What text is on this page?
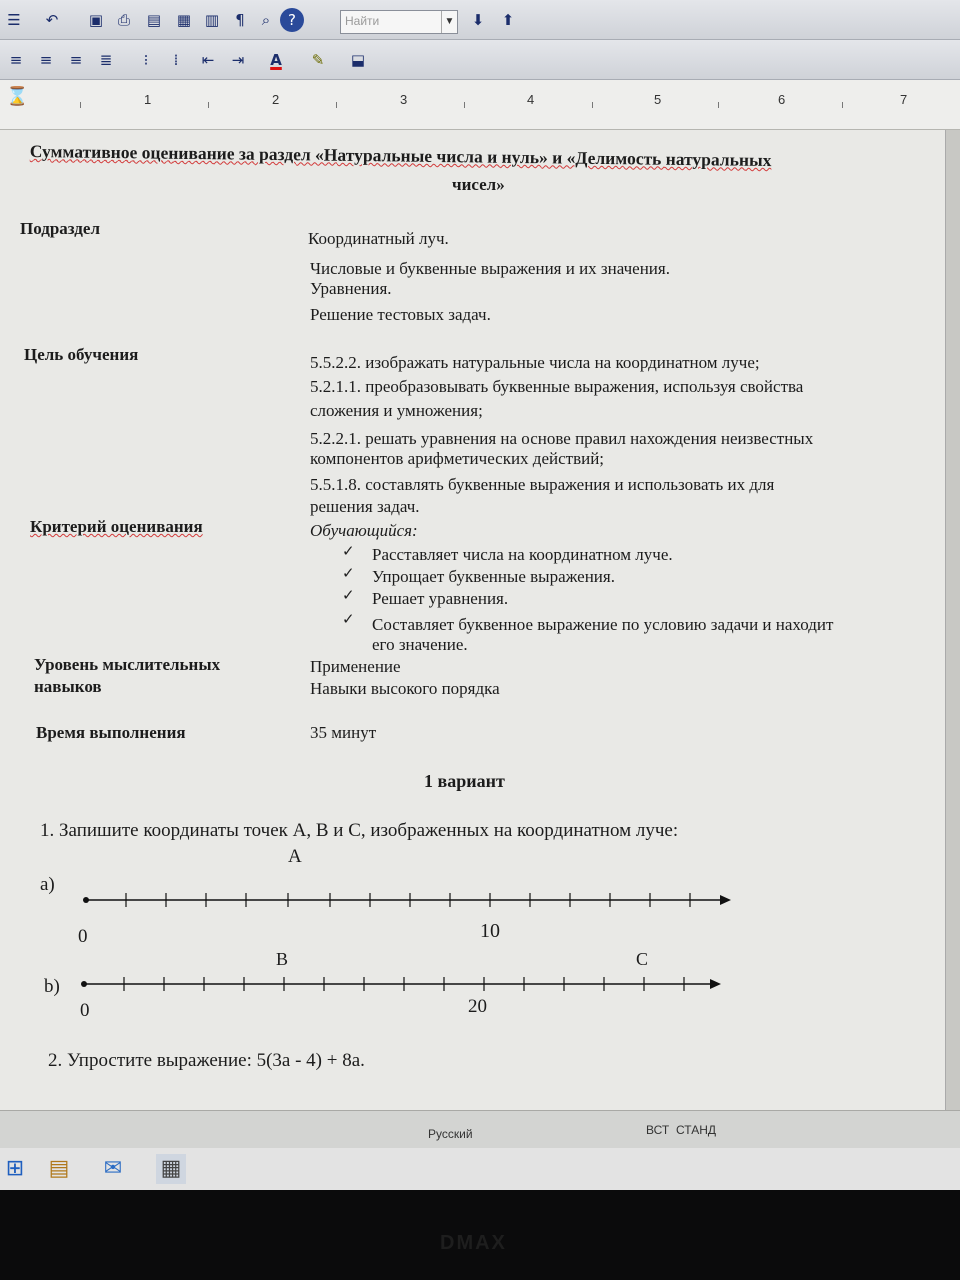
☰	↶	▣ ⎙	▤	▦ ▥	¶	⌕	?	Найти	▼	⬇	⬆
≡	≡	≡	≣	⁝	⁞	⇤	⇥	A	✎	⬓
⌛	1	2	3	4	5	6	7
Суммативное оценивание за раздел «Натуральные числа и нуль» и «Делимость натуральных
чисел»
Подраздел
Координатный луч.
Числовые и буквенные выражения и их значения.
Уравнения.
Решение тестовых задач.
Цель обучения	5.5.2.2. изображать натуральные числа на координатном луче;
5.2.1.1. преобразовывать буквенные выражения, используя свойства
сложения и умножения;
5.2.2.1. решать уравнения на основе правил нахождения неизвестных
компонентов арифметических действий;
5.5.1.8. составлять буквенные выражения и использовать их для
решения задач.
Критерий оценивания	Обучающийся:
✓ Расставляет числа на координатном луче.
✓ Упрощает буквенные выражения.
✓ Решает уравнения.
✓ Составляет буквенное выражение по условию задачи и находит
его значение.
Уровень мыслительных
навыков
Применение
Навыки высокого порядка
Время выполнения	35 минут
1 вариант
1. Запишите координаты точек А, В и С, изображенных на координатном луче:
а)
А
0	10
В	С
b)
0	20
2. Упростите выражение: 5(3а - 4) + 8а.
Русский	ВСТ СТАНД
⊞ ▤ ✉ ▦
DMAX
